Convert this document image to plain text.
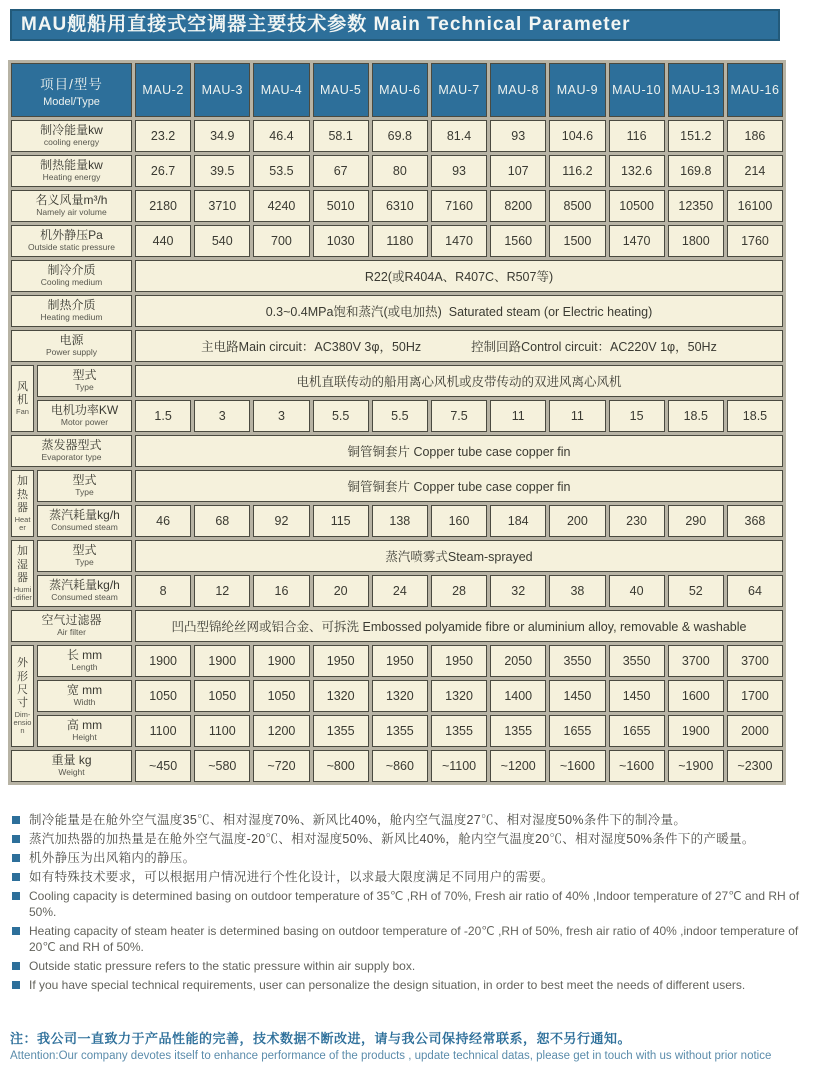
MAU舰船用直接式空调器主要技术参数 Main Technical Parameter
项目/型号
Model/Type
MAU-2	MAU-3	MAU-4	MAU-5	MAU-6	MAU-7	MAU-8	MAU-9	MAU-10 MAU-13 MAU-16
制冷能量kw
cooling energy	23.2	34.9	46.4	58.1	69.8	81.4	93	104.6	116	151.2	186
制热能量kw
Heating energy	26.7	39.5	53.5	67	80	93	107	116.2	132.6	169.8	214
名义风量m³/h
Namely air volume	2180	3710	4240	5010	6310	7160	8200	8500	10500	12350	16100
机外静压Pa
Outside static pressure	440	540	700	1030	1180	1470	1560	1500	1470	1800	1760
制冷介质
Cooling medium	R22(或R404A、R407C、R507等)
制热介质
Heating medium	0.3~0.4MPa饱和蒸汽(或电加热)  Saturated steam (or Electric heating)
电源
Power supply	主电路Main circuit：AC380V 3φ，50Hz　　　　控制回路Control circuit：AC220V 1φ，50Hz
风机
Fan
型式
Type	电机直联传动的船用离心风机或皮带传动的双进风离心风机
电机功率KW
Motor power	1.5	3	3	5.5	5.5	7.5	11	11	15	18.5	18.5
蒸发器型式
Evaporator type	铜管铜套片 Copper tube case copper fin
加热器
Heater
型式
Type	铜管铜套片 Copper tube case copper fin
蒸汽耗量kg/h
Consumed steam	46	68	92	115	138	160	184	200	230	290	368
加湿器
Humi-difier
型式
Type	蒸汽喷雾式Steam-sprayed
蒸汽耗量kg/h
Consumed steam	8	12	16	20	24	28	32	38	40	52	64
空气过滤器
Air filter	凹凸型锦纶丝网或铝合金、可拆洗 Embossed polyamide fibre or aluminium alloy, removable & washable
外形尺寸
Dim-ension
长 mm
Length	1900	1900	1900	1950	1950	1950	2050	3550	3550	3700	3700
宽 mm
Width	1050	1050	1050	1320	1320	1320	1400	1450	1450	1600	1700
高 mm
Height	1100	1100	1200	1355	1355	1355	1355	1655	1655	1900	2000
重量 kg
Weight	~450	~580	~720	~800	~860	~1100	~1200	~1600	~1600	~1900	~2300
制冷能量是在舱外空气温度35℃、相对湿度70%、新风比40%，舱内空气温度27℃、相对湿度50%条件下的制冷量。
蒸汽加热器的加热量是在舱外空气温度-20℃、相对湿度50%、新风比40%，舱内空气温度20℃、相对湿度50%条件下的产暖量。
机外静压为出风箱内的静压。
如有特殊技术要求，可以根据用户情况进行个性化设计，以求最大限度满足不同用户的需要。
Cooling capacity is determined basing on outdoor temperature of 35℃ ,RH of 70%, Fresh air ratio of 40% ,Indoor temperature of 27℃ and RH of 50%.
Heating capacity of steam heater is determined basing on outdoor temperature of -20℃ ,RH of 50%, fresh air ratio of 40% ,indoor temperature of 20℃ and RH of 50%.
Outside static pressure refers to the static pressure within air supply box.
If you have special technical requirements, user can personalize the design situation, in order to best meet the needs of different users.
注：我公司一直致力于产品性能的完善，技术数据不断改进，请与我公司保持经常联系，恕不另行通知。
Attention:Our company devotes itself to enhance performance of the products , update technical datas, please get in touch with us without prior notice
